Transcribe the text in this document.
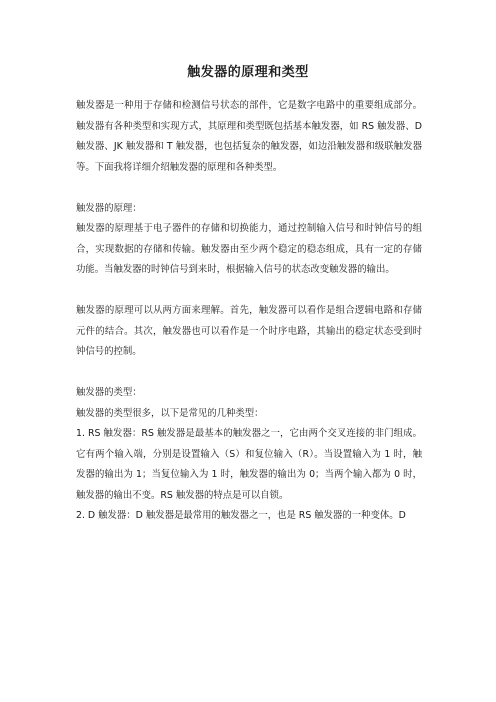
触发器的原理和类型

触发器是一种用于存储和检测信号状态的部件，它是数字电路中的重要组成部分。触发器有各种类型和实现方式，其原理和类型既包括基本触发器，如 RS 触发器、D 触发器、JK 触发器和 T 触发器，也包括复杂的触发器，如边沿触发器和级联触发器等。下面我将详细介绍触发器的原理和各种类型。

触发器的原理：

触发器的原理基于电子器件的存储和切换能力，通过控制输入信号和时钟信号的组合，实现数据的存储和传输。触发器由至少两个稳定的稳态组成，具有一定的存储功能。当触发器的时钟信号到来时，根据输入信号的状态改变触发器的输出。

触发器的原理可以从两方面来理解。首先，触发器可以看作是组合逻辑电路和存储元件的结合。其次，触发器也可以看作是一个时序电路，其输出的稳定状态受到时钟信号的控制。

触发器的类型：

触发器的类型很多，以下是常见的几种类型：

1. RS 触发器：RS 触发器是最基本的触发器之一，它由两个交叉连接的非门组成。它有两个输入端，分别是设置输入（S）和复位输入（R）。当设置输入为 1 时，触发器的输出为 1；当复位输入为 1 时，触发器的输出为 0；当两个输入都为 0 时，触发器的输出不变。RS 触发器的特点是可以自锁。

2. D 触发器：D 触发器是最常用的触发器之一，也是 RS 触发器的一种变体。D
